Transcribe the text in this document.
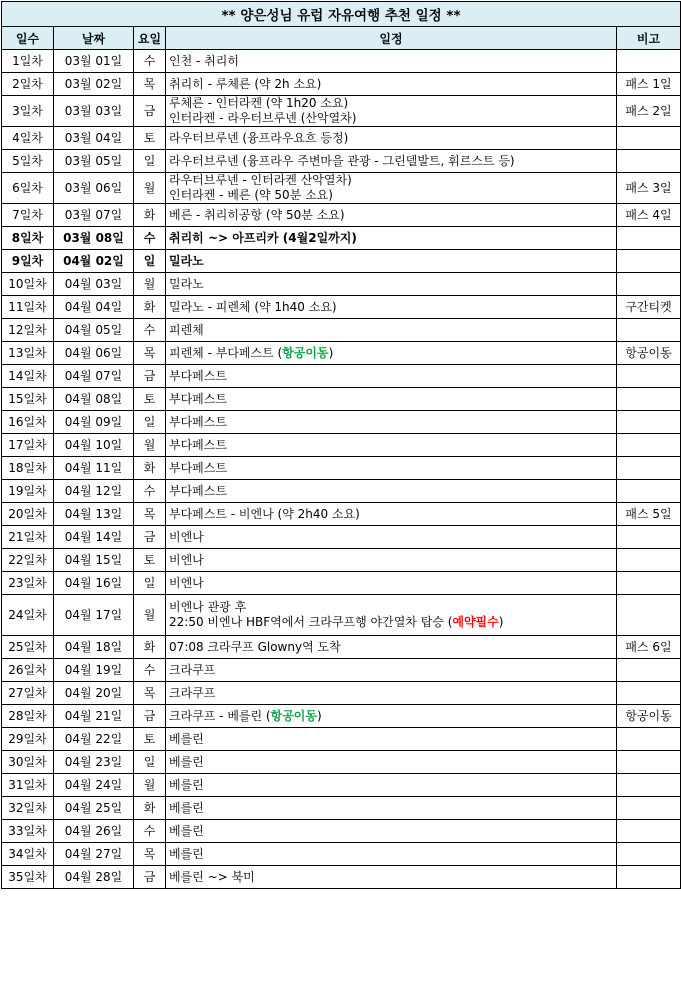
** 양은성님 유럽 자유여행 추천 일정 **				
일수	날짜	요일	일정	비고
1일차	03월 01일	수	인천 - 취리히	

2일차	03월 02일	목	취리히 - 루체른 (약 2h 소요)	패스 1일
3일차	03월 03일	금	루체른 - 인터라켄 (약 1h20 소요)
인터라켄 - 라우터브루넨 (산악열차)	패스 2일
4일차	03월 04일	토	라우터브루넨 (융프라우요흐 등정)	

5일차	03월 05일	일	라우터브루넨 (융프라우 주변마을 관광 - 그린델발트, 휘르스트 등)	

6일차	03월 06일	월	라우터브루넨 - 인터라켄 산악열차)
인터라켄 - 베른 (약 50분 소요)	패스 3일
7일차	03월 07일	화	베른 - 취리히공항 (약 50분 소요)	패스 4일
8일차	03월 08일	수	취리히 ~> 아프리카 (4월2일까지)	

9일차	04월 02일	일	밀라노	

10일차	04월 03일	월	밀라노	

11일차	04월 04일	화	밀라노 - 피렌체 (약 1h40 소요)	구간티켓
12일차	04월 05일	수	피렌체	

13일차	04월 06일	목	피렌체 - 부다페스트 (항공이동)	항공이동
14일차	04월 07일	금	부다페스트	

15일차	04월 08일	토	부다페스트	

16일차	04월 09일	일	부다페스트	

17일차	04월 10일	월	부다페스트	

18일차	04월 11일	화	부다페스트	

19일차	04월 12일	수	부다페스트	

20일차	04월 13일	목	부다페스트 - 비엔나 (약 2h40 소요)	패스 5일
21일차	04월 14일	금	비엔나	

22일차	04월 15일	토	비엔나	

23일차	04월 16일	일	비엔나	

24일차	04월 17일	월	비엔나 관광 후
22:50 비엔나 HBF역에서 크라쿠프행 야간열차 탑승 (예약필수)	

25일차	04월 18일	화	07:08 크라쿠프 Glowny역 도착	패스 6일
26일차	04월 19일	수	크라쿠프	

27일차	04월 20일	목	크라쿠프	

28일차	04월 21일	금	크라쿠프 - 베를린 (항공이동)	항공이동
29일차	04월 22일	토	베를린	

30일차	04월 23일	일	베를린	

31일차	04월 24일	월	베를린	

32일차	04월 25일	화	베를린	

33일차	04월 26일	수	베를린	

34일차	04월 27일	목	베를린	

35일차	04월 28일	금	베를린 ~> 북미	
